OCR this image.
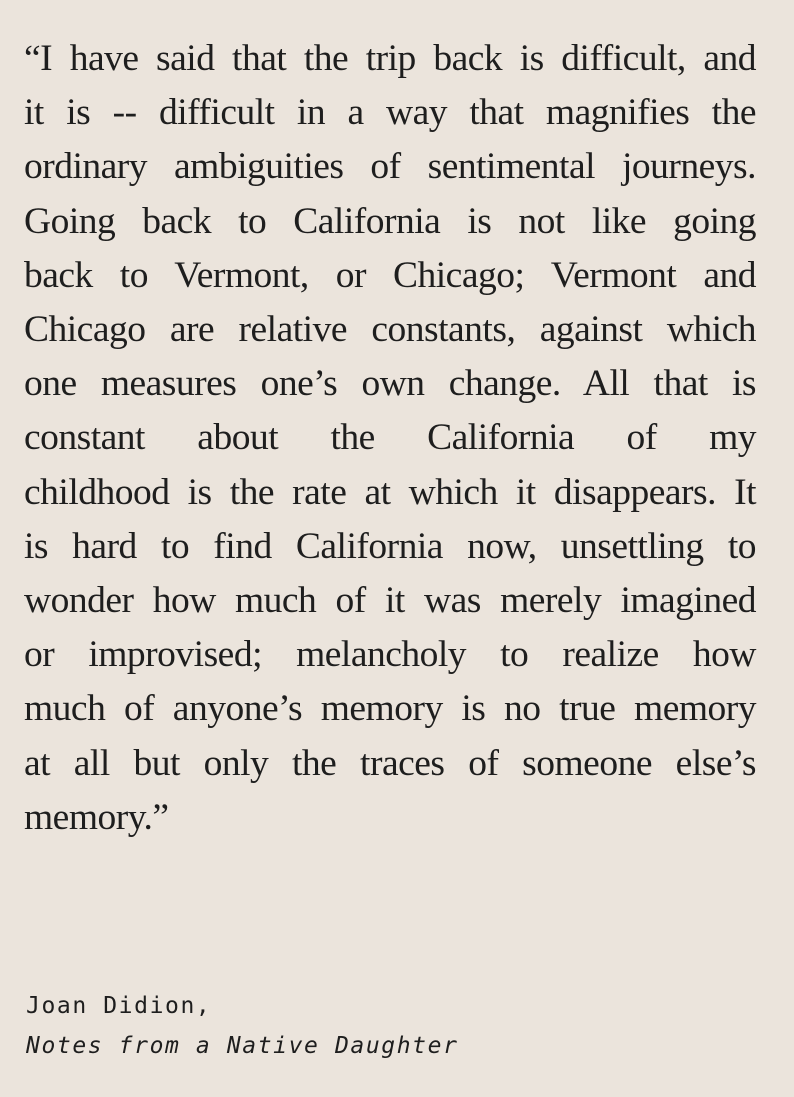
“I have said that the trip back is difficult, and
it is -- difficult in a way that magnifies the
ordinary ambiguities of sentimental journeys.
Going back to California is not like going
back to Vermont, or Chicago; Vermont and
Chicago are relative constants, against which
one measures one’s own change. All that is
constant about the California of my
childhood is the rate at which it disappears. It
is hard to find California now, unsettling to
wonder how much of it was merely imagined
or improvised; melancholy to realize how
much of anyone’s memory is no true memory
at all but only the traces of someone else’s
memory.”

Joan Didion,
Notes from a Native Daughter
